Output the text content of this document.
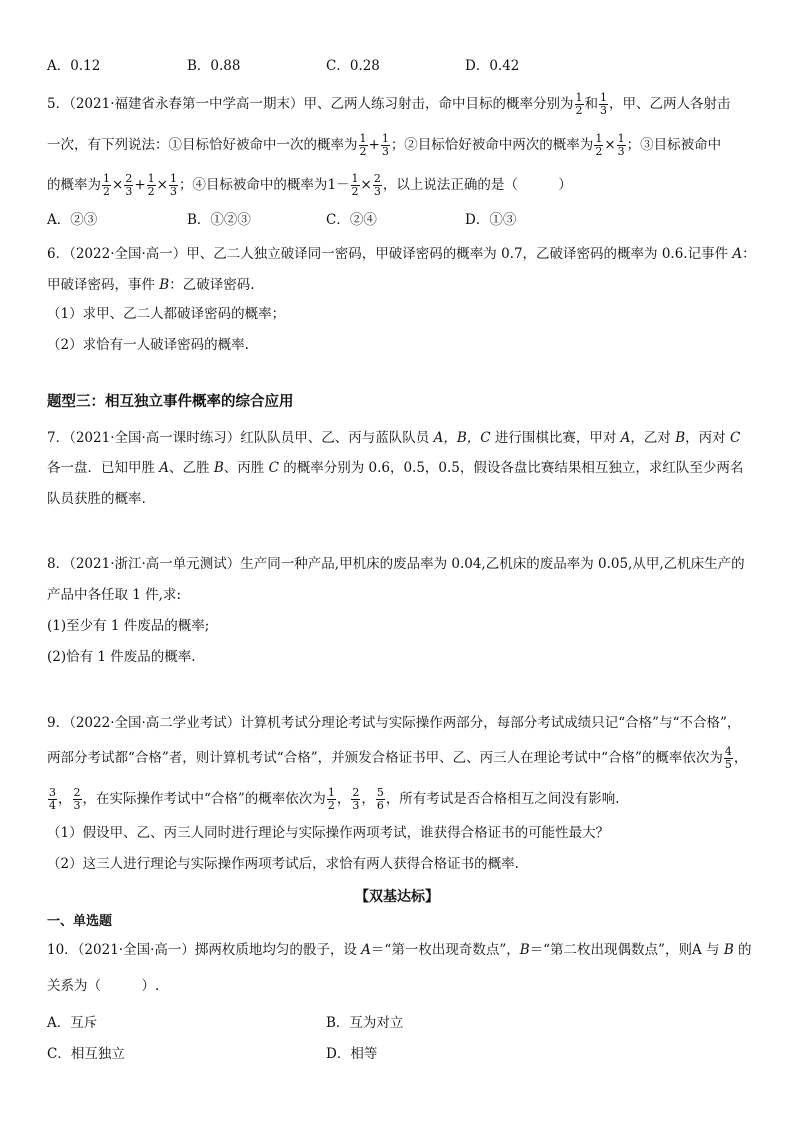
A．0.12	B．0.88	C．0.28	D．0.42
5．（2021·福建省永春第一中学高一期末）甲、乙两人练习射击，命中目标的概率分别为 $\frac{1}{2}$ 和 $\frac{1}{3}$ ，甲、乙两人各射击
一次，有下列说法：①目标恰好被命中一次的概率为 $\frac{1}{2} + \frac{1}{3}$ ；②目标恰好被命中两次的概率为 $\frac{1}{2} \times \frac{1}{3}$ ；③目标被命中
的概率为 $\frac{1}{2} \times \frac{2}{3} + \frac{1}{2} \times \frac{1}{3}$ ；④目标被命中的概率为$1- \frac{1}{2} \times \frac{2}{3}$ ，以上说法正确的是（　　　）
A．②③	B．①②③	C．②④	D．①③
6．（2022·全国·高一）甲、乙二人独立破译同一密码，甲破译密码的概率为 0.7，乙破译密码的概率为 0.6.记事件 A：
甲破译密码，事件 B：乙破译密码.
（1）求甲、乙二人都破译密码的概率；
（2）求恰有一人破译密码的概率.
题型三：相互独立事件概率的综合应用
7．（2021·全国·高一课时练习）红队队员甲、乙、丙与蓝队队员 A，B，C 进行围棋比赛，甲对 A，乙对 B，丙对 C
各一盘．已知甲胜 A、乙胜 B、丙胜 C 的概率分别为 0.6，0.5，0.5，假设各盘比赛结果相互独立，求红队至少两名
队员获胜的概率.
8．（2021·浙江·高一单元测试）生产同一种产品,甲机床的废品率为 0.04,乙机床的废品率为 0.05,从甲,乙机床生产的
产品中各任取 1 件,求:
(1)至少有 1 件废品的概率;
(2)恰有 1 件废品的概率.
9．（2022·全国·高二学业考试）计算机考试分理论考试与实际操作两部分，每部分考试成绩只记“合格”与“不合格”，
两部分考试都“合格”者，则计算机考试“合格”，并颁发合格证书甲、乙、丙三人在理论考试中“合格”的概率依次为 $\frac{4}{5}$ ，
$\frac{3}{4}$ ， $\frac{2}{3}$ ，在实际操作考试中“合格”的概率依次为 $\frac{1}{2}$ ， $\frac{2}{3}$ ， $\frac{5}{6}$ ，所有考试是否合格相互之间没有影响.
（1）假设甲、乙、丙三人同时进行理论与实际操作两项考试，谁获得合格证书的可能性最大？
（2）这三人进行理论与实际操作两项考试后，求恰有两人获得合格证书的概率.
【双基达标】
一、单选题
10．（2021·全国·高一）掷两枚质地均匀的骰子，设 A＝“第一枚出现奇数点”，B＝“第二枚出现偶数点”，则A 与 B 的
关系为（　　　）.
A．互斥	B．互为对立
C．相互独立	D．相等
